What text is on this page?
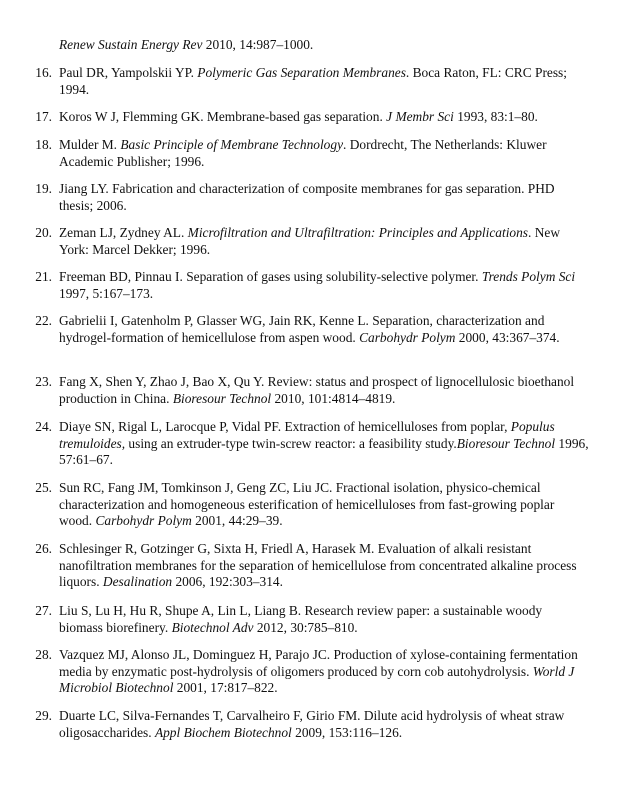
Renew Sustain Energy Rev 2010, 14:987–1000.
16. Paul DR, Yampolskii YP. Polymeric Gas Separation Membranes. Boca Raton, FL: CRC Press; 1994.
17. Koros W J, Flemming GK. Membrane-based gas separation. J Membr Sci 1993, 83:1–80.
18. Mulder M. Basic Principle of Membrane Technology. Dordrecht, The Netherlands: Kluwer Academic Publisher; 1996.
19. Jiang LY. Fabrication and characterization of composite membranes for gas separation. PHD thesis; 2006.
20. Zeman LJ, Zydney AL. Microfiltration and Ultrafiltration: Principles and Applications. New York: Marcel Dekker; 1996.
21. Freeman BD, Pinnau I. Separation of gases using solubility-selective polymer. Trends Polym Sci 1997, 5:167–173.
22. Gabrielii I, Gatenholm P, Glasser WG, Jain RK, Kenne L. Separation, characterization and hydrogel-formation of hemicellulose from aspen wood. Carbohydr Polym 2000, 43:367–374.
23. Fang X, Shen Y, Zhao J, Bao X, Qu Y. Review: status and prospect of lignocellulosic bioethanol production in China. Bioresour Technol 2010, 101:4814–4819.
24. Diaye SN, Rigal L, Larocque P, Vidal PF. Extraction of hemicelluloses from poplar, Populus tremuloides, using an extruder-type twin-screw reactor: a feasibility study.Bioresour Technol 1996, 57:61–67.
25. Sun RC, Fang JM, Tomkinson J, Geng ZC, Liu JC. Fractional isolation, physico-chemical characterization and homogeneous esterification of hemicelluloses from fast-growing poplar wood. Carbohydr Polym 2001, 44:29–39.
26. Schlesinger R, Gotzinger G, Sixta H, Friedl A, Harasek M. Evaluation of alkali resistant nanofiltration membranes for the separation of hemicellulose from concentrated alkaline process liquors. Desalination 2006, 192:303–314.
27. Liu S, Lu H, Hu R, Shupe A, Lin L, Liang B. Research review paper: a sustainable woody biomass biorefinery. Biotechnol Adv 2012, 30:785–810.
28. Vazquez MJ, Alonso JL, Dominguez H, Parajo JC. Production of xylose-containing fermentation media by enzymatic post-hydrolysis of oligomers produced by corn cob autohydrolysis. World J Microbiol Biotechnol 2001, 17:817–822.
29. Duarte LC, Silva-Fernandes T, Carvalheiro F, Girio FM. Dilute acid hydrolysis of wheat straw oligosaccharides. Appl Biochem Biotechnol 2009, 153:116–126.
